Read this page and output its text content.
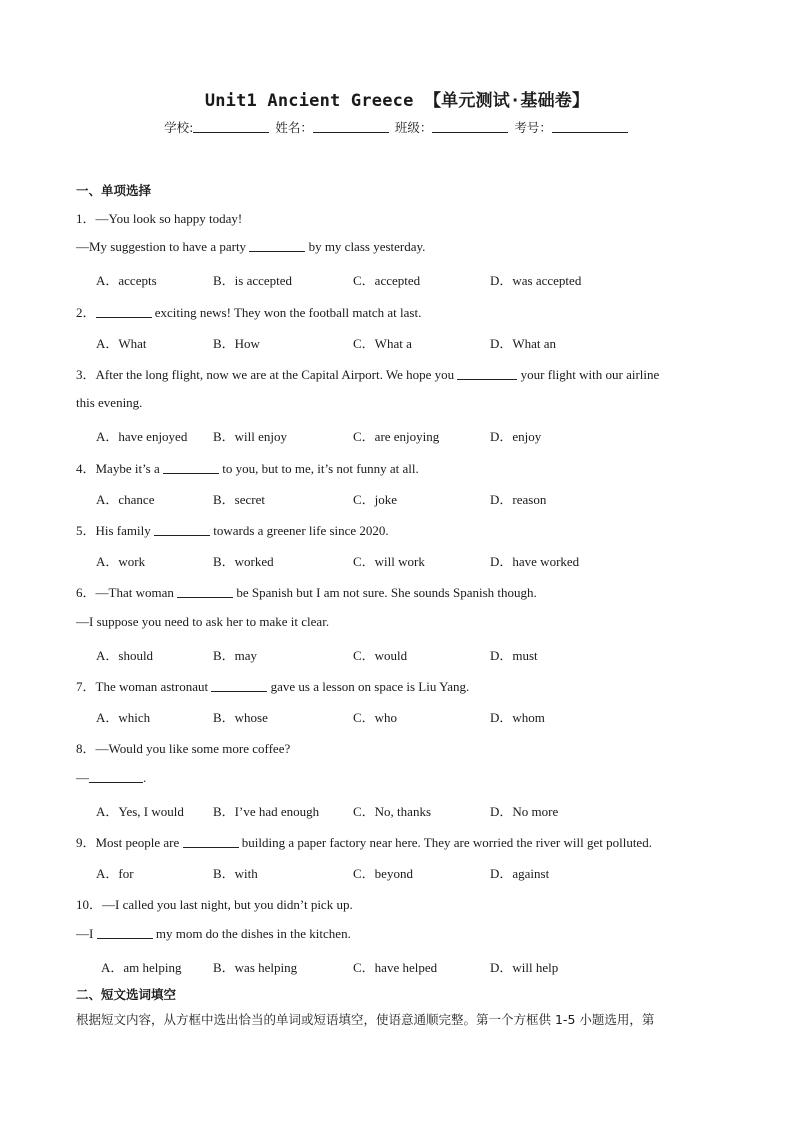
Unit1 Ancient Greece 【单元测试·基础卷】
学校:	姓名：	班级：	考号：
一、单项选择
1．—You look so happy today!
—My suggestion to have a party	by my class yesterday.
A．accepts	B．is accepted	C．accepted	D．was accepted
2．	exciting news! They won the football match at last.
A．What	B．How	C．What a	D．What an
3．After the long flight, now we are at the Capital Airport. We hope you	your flight with our airline
this evening.
A．have enjoyed B．will enjoy	C．are enjoying	D．enjoy
4．Maybe it’s a	to you, but to me, it’s not funny at all.
A．chance	B．secret	C．joke	D．reason
5．His family	towards a greener life since 2020.
A．work	B．worked	C．will work	D．have worked
6．—That woman	be Spanish but I am not sure. She sounds Spanish though.
—I suppose you need to ask her to make it clear.
A．should	B．may	C．would	D．must
7．The woman astronaut	gave us a lesson on space is Liu Yang.
A．which	B．whose	C．who	D．whom
8．—Would you like some more coffee?
—	.
A．Yes, I would B．I’ve had enough	C．No, thanks	D．No more
9．Most people are	building a paper factory near here. They are worried the river will get polluted.
A．for	B．with	C．beyond	D．against
10．—I called you last night, but you didn’t pick up.
—I	my mom do the dishes in the kitchen.
A．am helping B．was helping	C．have helped	D．will help
二、短文选词填空
根据短文内容，从方框中选出恰当的单词或短语填空，使语意通顺完整。第一个方框供 1-5 小题选用，第
